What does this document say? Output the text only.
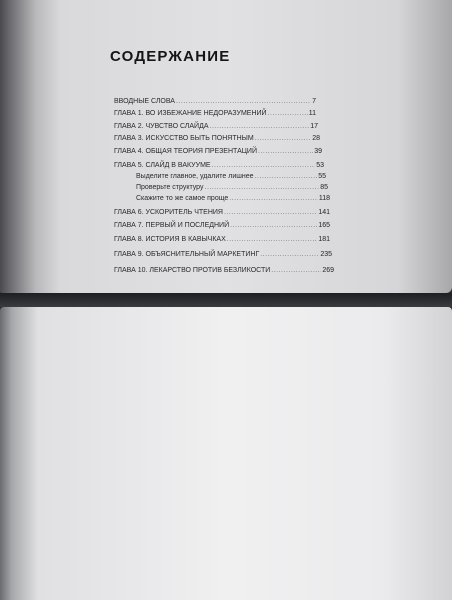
СОДЕРЖАНИЕ
ВВОДНЫЕ СЛОВА .....	7
ГЛАВА 1. ВО ИЗБЕЖАНИЕ НЕДОРАЗУМЕНИЙ .....	11
ГЛАВА 2. ЧУВСТВО СЛАЙДА .....	17
ГЛАВА 3. ИСКУССТВО БЫТЬ ПОНЯТНЫМ .....	28
ГЛАВА 4. ОБЩАЯ ТЕОРИЯ ПРЕЗЕНТАЦИЙ .....	39
ГЛАВА 5. СЛАЙД В ВАКУУМЕ .....	53
Выделите главное, удалите лишнее .....	55
Проверьте структуру .....	85
Скажите то же самое проще .....	118
ГЛАВА 6. УСКОРИТЕЛЬ ЧТЕНИЯ .....	141
ГЛАВА 7. ПЕРВЫЙ И ПОСЛЕДНИЙ .....	165
ГЛАВА 8. ИСТОРИЯ В КАВЫЧКАХ .....	181
ГЛАВА 9. ОБЪЯСНИТЕЛЬНЫЙ МАРКЕТИНГ .....	235
ГЛАВА 10. ЛЕКАРСТВО ПРОТИВ БЕЗЛИКОСТИ .....	269
